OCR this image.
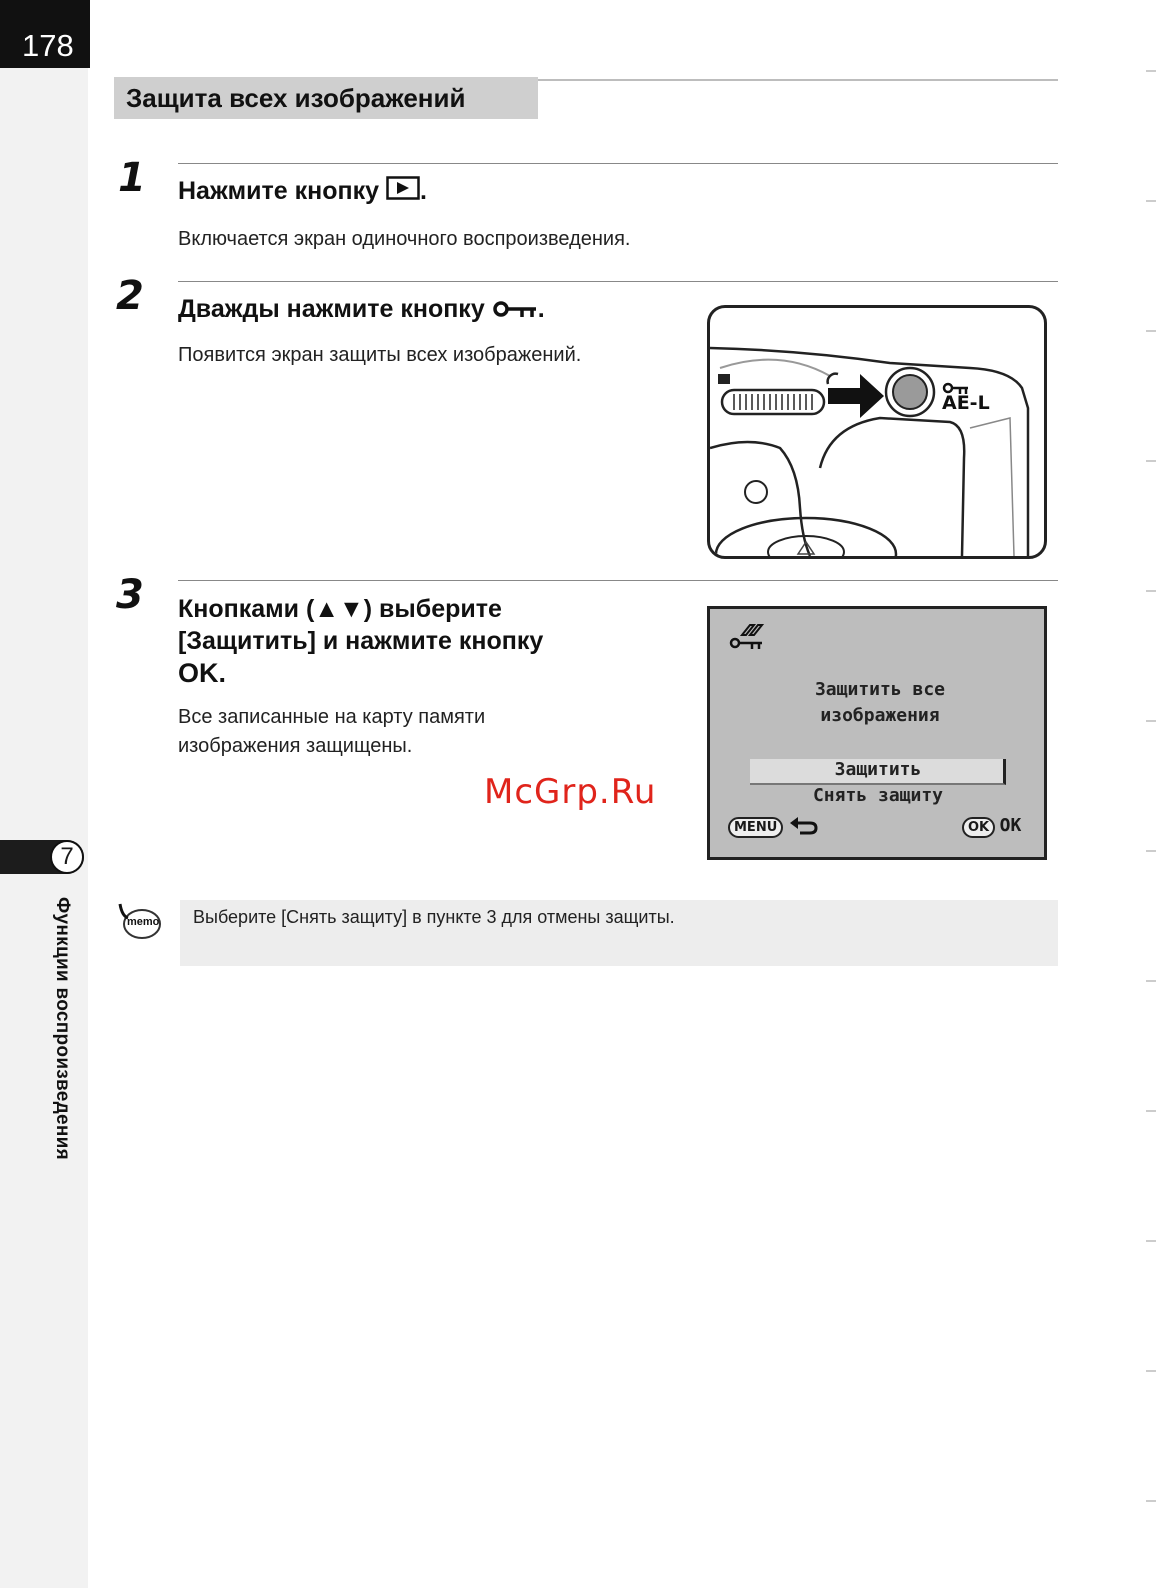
178
7
Функции воспроизведения
Защита всех изображений
1 Нажмите кнопку .
Включается экран одиночного воспроизведения.
2 Дважды нажмите кнопку .
Появится экран защиты всех изображений.
AE-L
3 Кнопками (▲▼) выберите
[Защитить] и нажмите кнопку
OK.
Все записанные на карту памяти
изображения защищены.
Защитить все
изображения
Защитить
Снять защиту
MENU	OK OK
McGrp.Ru
memo Выберите [Снять защиту] в пункте 3 для отмены защиты.
